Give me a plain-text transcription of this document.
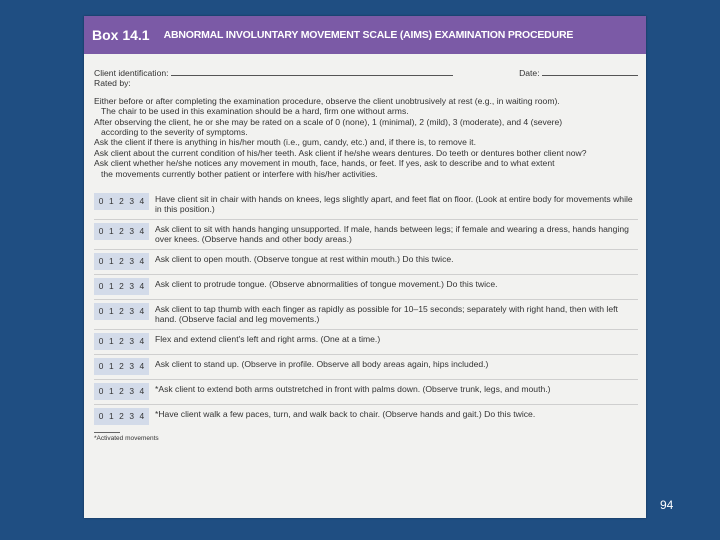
Box 14.1 ABNORMAL INVOLUNTARY MOVEMENT SCALE (AIMS) EXAMINATION PROCEDURE
Client identification:	Date:
Rated by:
Either before or after completing the examination procedure, observe the client unobtrusively at rest (e.g., in waiting room).
The chair to be used in this examination should be a hard, firm one without arms.
After observing the client, he or she may be rated on a scale of 0 (none), 1 (minimal), 2 (mild), 3 (moderate), and 4 (severe)
according to the severity of symptoms.
Ask the client if there is anything in his/her mouth (i.e., gum, candy, etc.) and, if there is, to remove it.
Ask client about the current condition of his/her teeth. Ask client if he/she wears dentures. Do teeth or dentures bother client now?
Ask client whether he/she notices any movement in mouth, face, hands, or feet. If yes, ask to describe and to what extent
the movements currently bother patient or interfere with his/her activities.
0 1 2 3 4 Have client sit in chair with hands on knees, legs slightly apart, and feet flat on floor. (Look at entire body for movements while in this position.)
0 1 2 3 4 Ask client to sit with hands hanging unsupported. If male, hands between legs; if female and wearing a dress, hands hanging over knees. (Observe hands and other body areas.)
0 1 2 3 4 Ask client to open mouth. (Observe tongue at rest within mouth.) Do this twice.
0 1 2 3 4 Ask client to protrude tongue. (Observe abnormalities of tongue movement.) Do this twice.
0 1 2 3 4 Ask client to tap thumb with each finger as rapidly as possible for 10–15 seconds; separately with right hand, then with left hand. (Observe facial and leg movements.)
0 1 2 3 4 Flex and extend client's left and right arms. (One at a time.)
0 1 2 3 4 Ask client to stand up. (Observe in profile. Observe all body areas again, hips included.)
0 1 2 3 4 *Ask client to extend both arms outstretched in front with palms down. (Observe trunk, legs, and mouth.)
0 1 2 3 4 *Have client walk a few paces, turn, and walk back to chair. (Observe hands and gait.) Do this twice.
*Activated movements
94
